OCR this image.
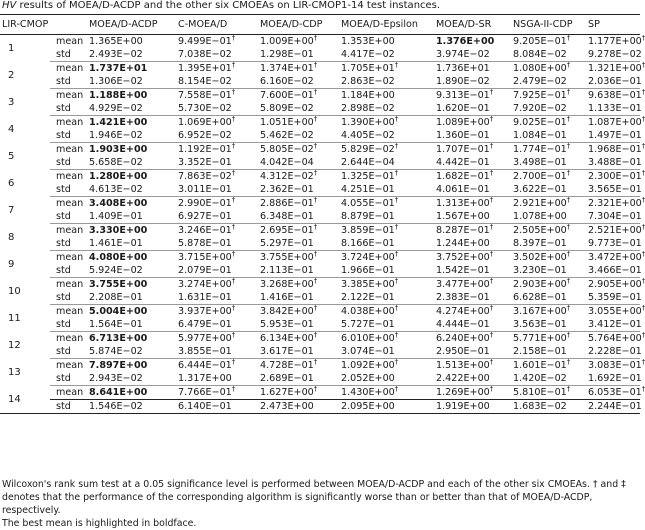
HV results of MOEA/D-ACDP and the other six CMOEAs on LIR-CMOP1-14 test instances.
LIR-CMOP		MOEA/D-ACDP	C-MOEA/D	MOEA/D-CDP	MOEA/D-Epsilon	MOEA/D-SR	NSGA-II-CDP	SP
1	mean	1.365E+00	9.499E−01†	1.009E+00†	1.353E+00	1.376E+00	9.205E−01†	1.177E+00†
	std	2.493E−02	7.038E−02	1.298E−01	4.417E−02	3.974E−02	8.084E−02	9.278E−02
2	mean	1.737E+01	1.395E+01†	1.374E+01†	1.705E+01†	1.736E+01	1.080E+00†	1.321E+00†
	std	1.306E−02	8.154E−02	6.160E−02	2.863E−02	1.890E−02	2.479E−02	2.036E−01
3	mean	1.188E+00	7.558E−01†	7.600E−01†	1.184E+00	9.313E−01†	7.925E−01†	9.638E−01†
	std	4.929E−02	5.730E−02	5.809E−02	2.898E−02	1.620E−01	7.920E−02	1.133E−01
4	mean	1.421E+00	1.069E+00†	1.051E+00†	1.390E+00†	1.089E+00†	9.025E−01†	1.087E+00†
	std	1.946E−02	6.952E−02	5.462E−02	4.405E−02	1.360E−01	1.084E−01	1.497E−01
5	mean	1.903E+00	1.192E−01†	5.805E−02†	5.829E−02†	1.707E−01†	1.774E−01†	1.968E−01†
	std	5.658E−02	3.352E−01	4.042E−04	2.644E−04	4.442E−01	3.498E−01	3.488E−01
6	mean	1.280E+00	7.863E−02†	4.312E−02†	1.325E−01†	1.682E−01†	2.700E−01†	2.300E−01†
	std	4.613E−02	3.011E−01	2.362E−01	4.251E−01	4.061E−01	3.622E−01	3.565E−01
7	mean	3.408E+00	2.990E−01†	2.886E−01†	4.055E−01†	1.313E+00†	2.921E+00†	2.321E+00†
	std	1.409E−01	6.927E−01	6.348E−01	8.879E−01	1.567E+00	1.078E+00	7.304E−01
8	mean	3.330E+00	3.246E−01†	2.695E−01†	3.859E−01†	8.287E−01†	2.505E+00†	2.521E+00†
	std	1.461E−01	5.878E−01	5.297E−01	8.166E−01	1.244E+00	8.397E−01	9.773E−01
9	mean	4.080E+00	3.715E+00†	3.755E+00†	3.724E+00†	3.752E+00†	3.502E+00†	3.472E+00†
	std	5.924E−02	2.079E−01	2.113E−01	1.966E−01	1.542E−01	3.230E−01	3.466E−01
10	mean	3.755E+00	3.274E+00†	3.268E+00†	3.385E+00†	3.477E+00†	2.903E+00†	2.905E+00†
	std	2.208E−01	1.631E−01	1.416E−01	2.122E−01	2.383E−01	6.628E−01	5.359E−01
11	mean	5.004E+00	3.937E+00†	3.842E+00†	4.038E+00†	4.274E+00†	3.167E+00†	3.055E+00†
	std	1.564E−01	6.479E−01	5.953E−01	5.727E−01	4.444E−01	3.563E−01	3.412E−01
12	mean	6.713E+00	5.977E+00†	6.134E+00†	6.010E+00†	6.240E+00†	5.771E+00†	5.764E+00†
	std	5.874E−02	3.855E−01	3.617E−01	3.074E−01	2.950E−01	2.158E−01	2.228E−01
13	mean	7.897E+00	6.444E−01†	4.728E−01†	1.092E+00†	1.513E+00†	1.601E−01†	3.083E−01†
	std	2.943E−02	1.317E+00	2.689E−01	2.052E+00	2.422E+00	1.420E−02	1.692E−01
14	mean	8.641E+00	7.766E−01†	1.627E+00†	1.430E+00†	1.269E+00†	5.810E−01†	6.053E−01†
	std	1.546E−02	6.140E−01	2.473E+00	2.095E+00	1.919E+00	1.683E−02	2.244E−01
Wilcoxon's rank sum test at a 0.05 significance level is performed between MOEA/D-ACDP and each of the other six CMOEAs. † and ‡
denotes that the performance of the corresponding algorithm is significantly worse than or better than that of MOEA/D-ACDP, respectively.
The best mean is highlighted in boldface.
